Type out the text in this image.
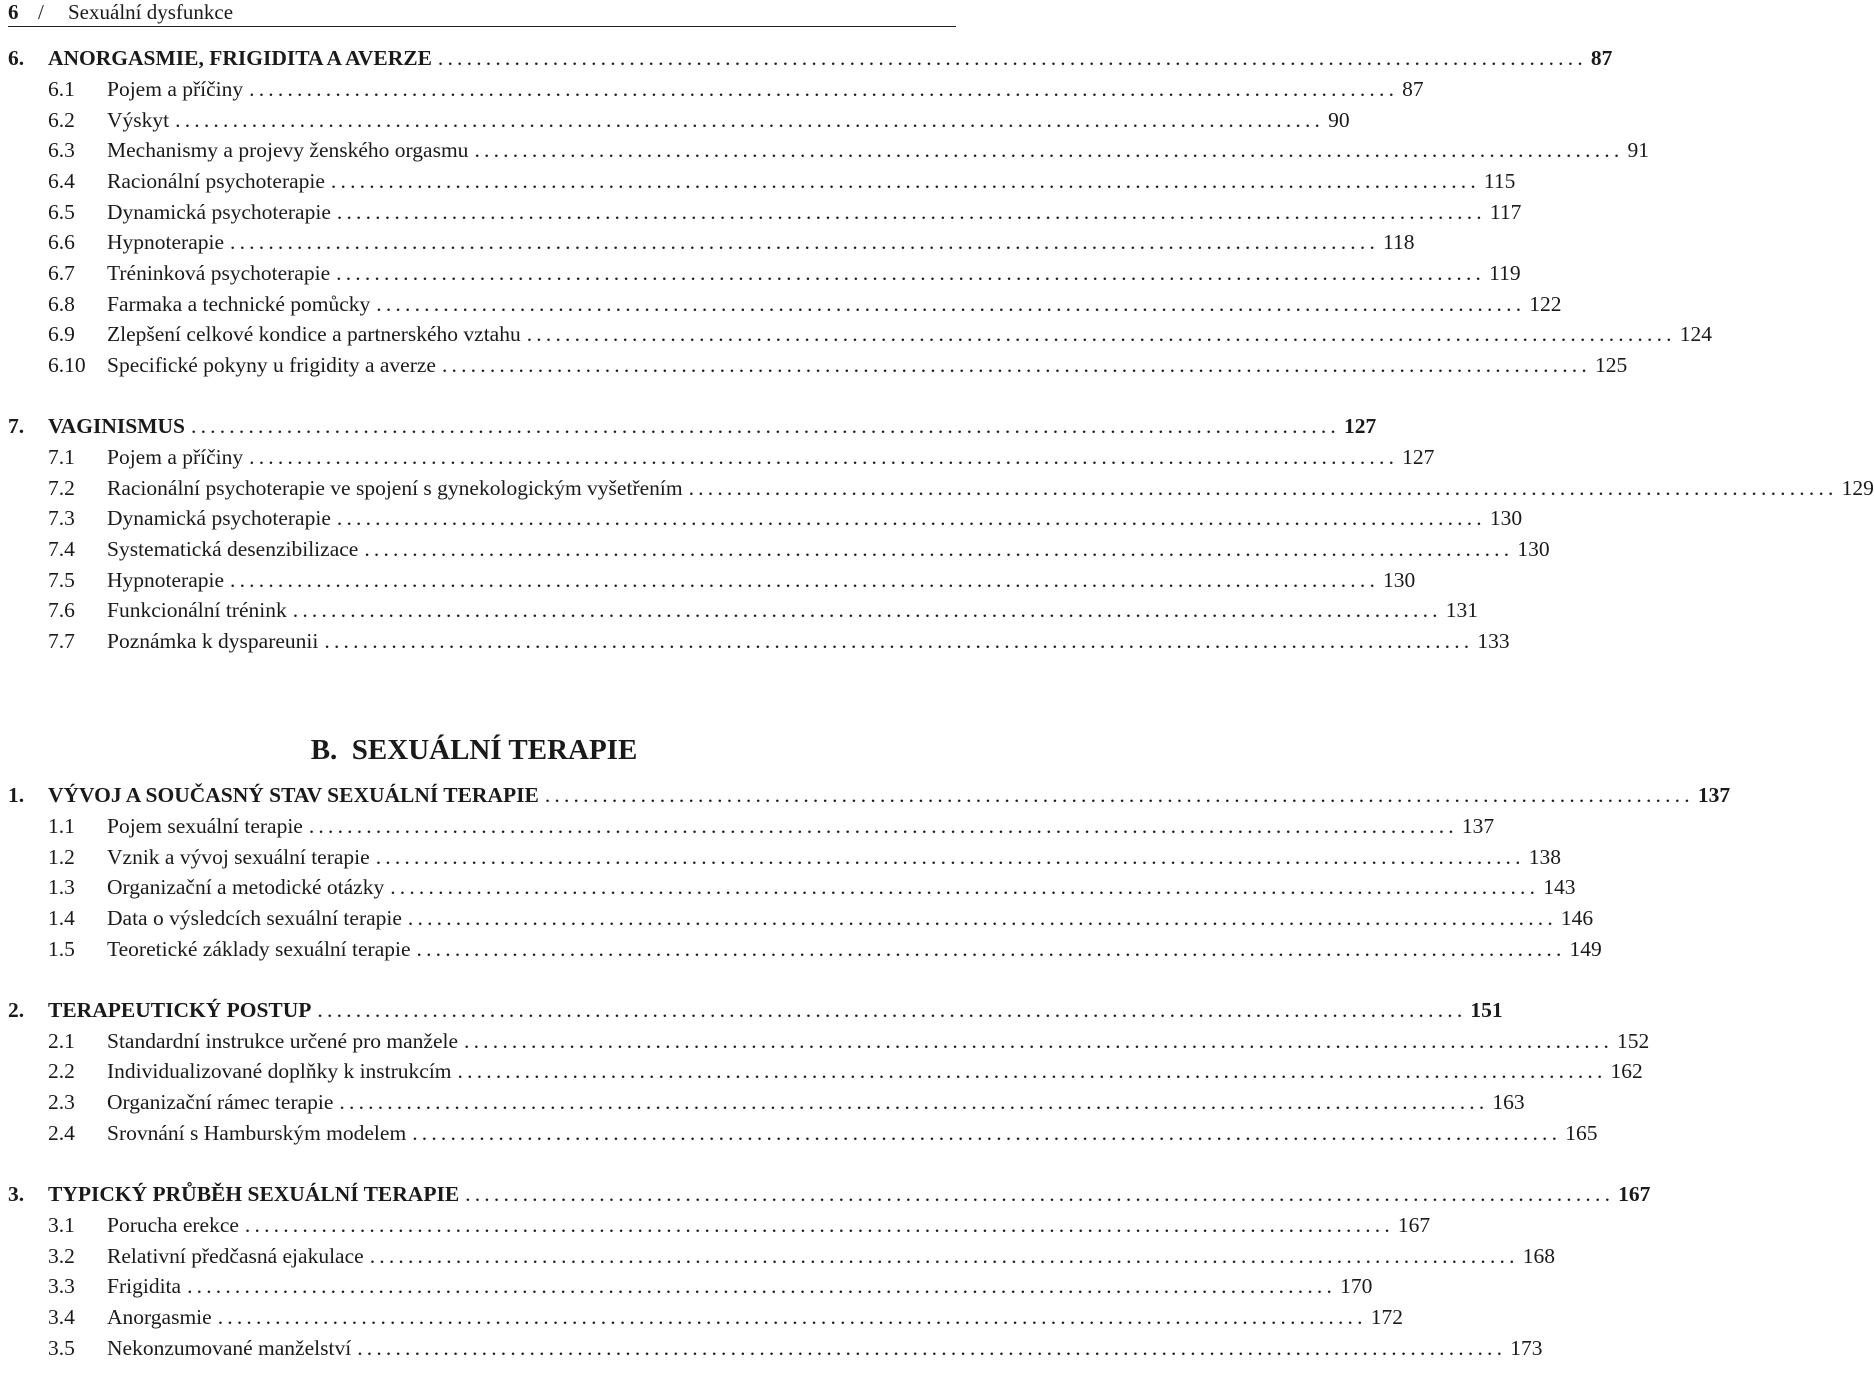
6 /	Sexuální dysfunkce
6.	ANORGASMIE, FRIGIDITA A AVERZE ........................................................................................................................ 87
6.1	Pojem a příčiny ........................................................................................................................ 87
6.2	Výskyt ........................................................................................................................ 90
6.3	Mechanismy a projevy ženského orgasmu ........................................................................................................................ 91
6.4	Racionální psychoterapie ........................................................................................................................ 115
6.5	Dynamická psychoterapie ........................................................................................................................ 117
6.6	Hypnoterapie ........................................................................................................................ 118
6.7	Tréninková psychoterapie ........................................................................................................................ 119
6.8	Farmaka a technické pomůcky ........................................................................................................................ 122
6.9	Zlepšení celkové kondice a partnerského vztahu ........................................................................................................................ 124
6.10 Specifické pokyny u frigidity a averze ........................................................................................................................ 125
7.	VAGINISMUS ........................................................................................................................ 127
7.1	Pojem a příčiny ........................................................................................................................ 127
7.2	Racionální psychoterapie ve spojení s gynekologickým vyšetřením ........................................................................................................................ 129
7.3	Dynamická psychoterapie ........................................................................................................................ 130
7.4	Systematická desenzibilizace ........................................................................................................................ 130
7.5	Hypnoterapie ........................................................................................................................ 130
7.6	Funkcionální trénink ........................................................................................................................ 131
7.7	Poznámka k dyspareunii ........................................................................................................................ 133
1.	VÝVOJ A SOUČASNÝ STAV SEXUÁLNÍ TERAPIE ........................................................................................................................ 137
1.1	Pojem sexuální terapie ........................................................................................................................ 137
1.2	Vznik a vývoj sexuální terapie ........................................................................................................................ 138
1.3	Organizační a metodické otázky ........................................................................................................................ 143
1.4	Data o výsledcích sexuální terapie ........................................................................................................................ 146
1.5	Teoretické základy sexuální terapie ........................................................................................................................ 149
2.	TERAPEUTICKÝ POSTUP ........................................................................................................................ 151
2.1	Standardní instrukce určené pro manžele ........................................................................................................................ 152
2.2	Individualizované doplňky k instrukcím ........................................................................................................................ 162
2.3	Organizační rámec terapie ........................................................................................................................ 163
2.4	Srovnání s Hamburským modelem ........................................................................................................................ 165
3.	TYPICKÝ PRŮBĚH SEXUÁLNÍ TERAPIE ........................................................................................................................ 167
3.1	Porucha erekce ........................................................................................................................ 167
3.2	Relativní předčasná ejakulace ........................................................................................................................ 168
3.3	Frigidita ........................................................................................................................ 170
3.4	Anorgasmie ........................................................................................................................ 172
3.5	Nekonzumované manželství ........................................................................................................................ 173
B. SEXUÁLNÍ TERAPIE
